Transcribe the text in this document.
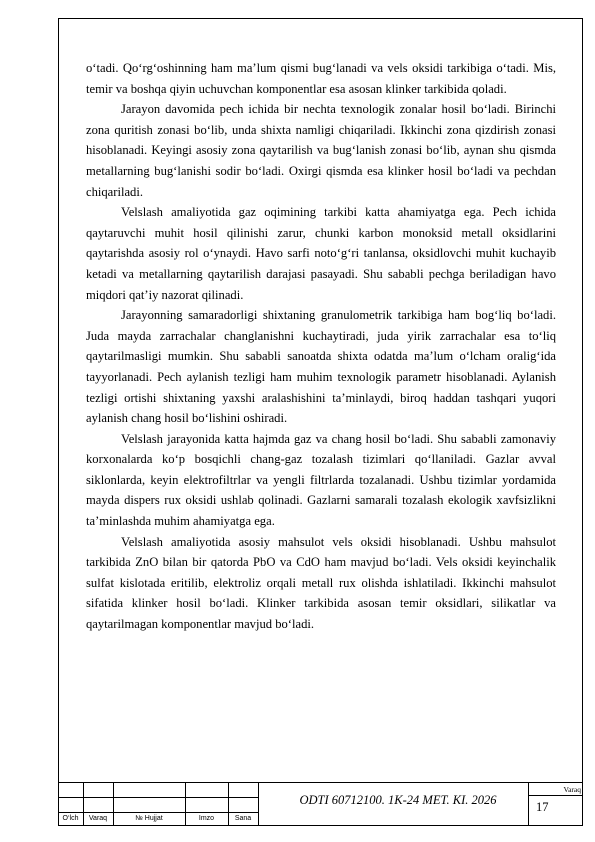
o‘tadi. Qo‘rg‘oshinning ham ma’lum qismi bug‘lanadi va vels oksidi tarkibiga o‘tadi. Mis, temir va boshqa qiyin uchuvchan komponentlar esa asosan klinker tarkibida qoladi.

Jarayon davomida pech ichida bir nechta texnologik zonalar hosil bo‘ladi. Birinchi zona quritish zonasi bo‘lib, unda shixta namligi chiqariladi. Ikkinchi zona qizdirish zonasi hisoblanadi. Keyingi asosiy zona qaytarilish va bug‘lanish zonasi bo‘lib, aynan shu qismda metallarning bug‘lanishi sodir bo‘ladi. Oxirgi qismda esa klinker hosil bo‘ladi va pechdan chiqariladi.

Velslash amaliyotida gaz oqimining tarkibi katta ahamiyatga ega. Pech ichida qaytaruvchi muhit hosil qilinishi zarur, chunki karbon monoksid metall oksidlarini qaytarishda asosiy rol o‘ynaydi. Havo sarfi noto‘g‘ri tanlansa, oksidlovchi muhit kuchayib ketadi va metallarning qaytarilish darajasi pasayadi. Shu sababli pechga beriladigan havo miqdori qat’iy nazorat qilinadi.

Jarayonning samaradorligi shixtaning granulometrik tarkibiga ham bog‘liq bo‘ladi. Juda mayda zarrachalar changlanishni kuchaytiradi, juda yirik zarrachalar esa to‘liq qaytarilmasligi mumkin. Shu sababli sanoatda shixta odatda ma’lum o‘lcham oralig‘ida tayyorlanadi. Pech aylanish tezligi ham muhim texnologik parametr hisoblanadi. Aylanish tezligi ortishi shixtaning yaxshi aralashishini ta’minlaydi, biroq haddan tashqari yuqori aylanish chang hosil bo‘lishini oshiradi.

Velslash jarayonida katta hajmda gaz va chang hosil bo‘ladi. Shu sababli zamonaviy korxonalarda ko‘p bosqichli chang-gaz tozalash tizimlari qo‘llaniladi. Gazlar avval siklonlarda, keyin elektrofiltrlar va yengli filtrlarda tozalanadi. Ushbu tizimlar yordamida mayda dispers rux oksidi ushlab qolinadi. Gazlarni samarali tozalash ekologik xavfsizlikni ta’minlashda muhim ahamiyatga ega.

Velslash amaliyotida asosiy mahsulot vels oksidi hisoblanadi. Ushbu mahsulot tarkibida ZnO bilan bir qatorda PbO va CdO ham mavjud bo‘ladi. Vels oksidi keyinchalik sulfat kislotada eritilib, elektroliz orqali metall rux olishda ishlatiladi. Ikkinchi mahsulot sifatida klinker hosil bo‘ladi. Klinker tarkibida asosan temir oksidlari, silikatlar va qaytarilmagan komponentlar mavjud bo‘ladi.

O‘lch	Varaq	№ Hujjat	Imzo	Sana
ODTI 60712100. 1K-24 MET. KI. 2026
Varaq
17
